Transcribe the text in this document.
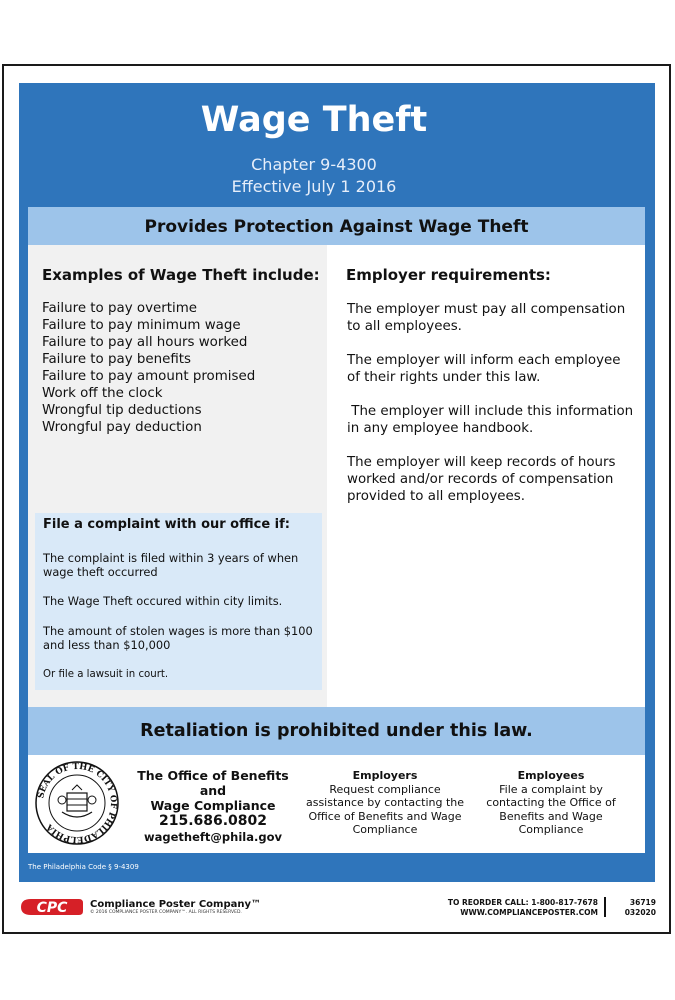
Wage Theft
Chapter 9-4300
Effective July 1 2016
Provides Protection Against Wage Theft
Examples of Wage Theft include:
Failure to pay overtime
Failure to pay minimum wage
Failure to pay all hours worked
Failure to pay benefits
Failure to pay amount promised
Work off the clock
Wrongful tip deductions
Wrongful pay deduction
Employer requirements:

The employer must pay all compensation to all employees.

The employer will inform each employee of their rights under this law.

The employer will include this information in any employee handbook.

The employer will keep records of hours worked and/or records of compensation provided to all employees.

File a complaint with our office if:

The complaint is filed within 3 years of when wage theft occurred

The Wage Theft occured within city limits.

The amount of stolen wages is more than $100 and less than $10,000

Or file a lawsuit in court.

Retaliation is prohibited under this law.
SEAL OF THE CITY OF PHILADELPHIA
The Office of Benefits and
Wage Compliance
215.686.0802
wagetheft@phila.gov
Employers
Request compliance assistance by contacting the Office of Benefits and Wage Compliance
Employees
File a complaint by contacting the Office of Benefits and Wage Compliance
The Philadelphia Code § 9-4309
CPC Compliance Poster Company™
© 2016 COMPLIANCE POSTER COMPANY™. ALL RIGHTS RESERVED.
TO REORDER CALL: 1-800-817-7678
WWW.COMPLIANCEPOSTER.COM
36719
032020
